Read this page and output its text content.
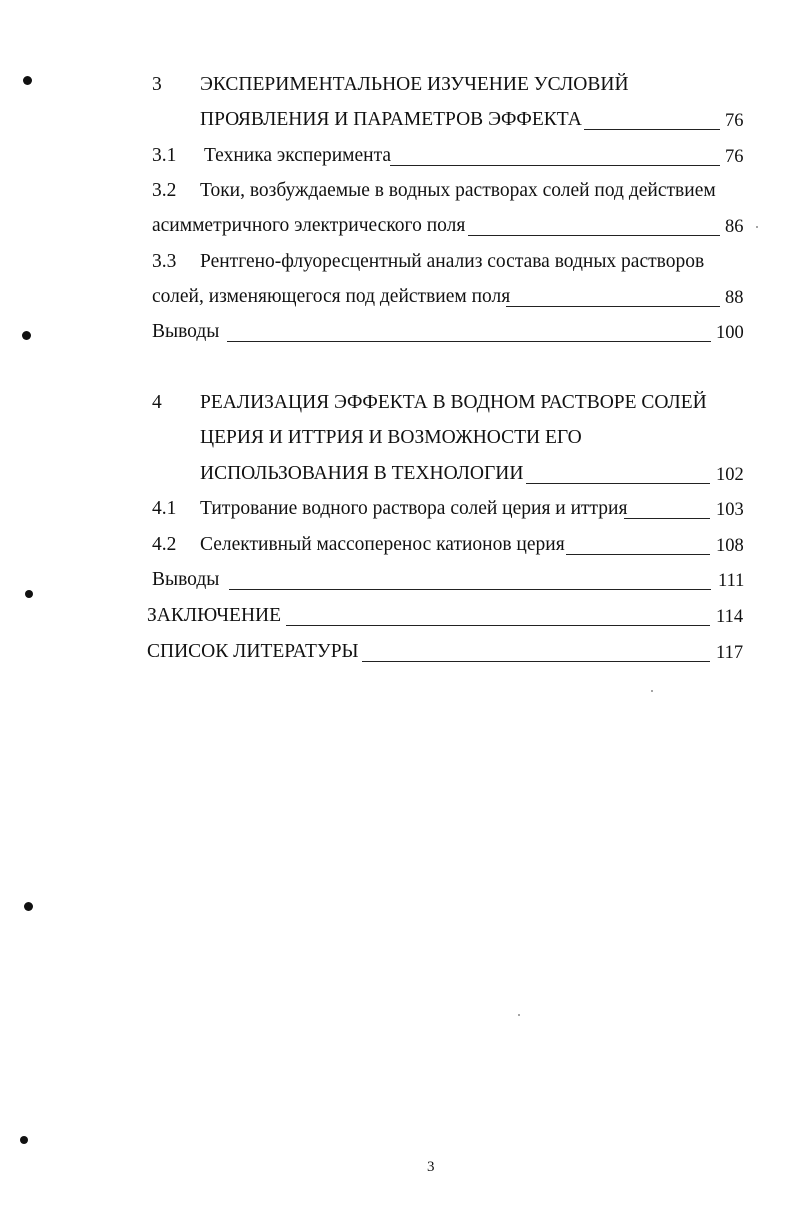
3 ЭКСПЕРИМЕНТАЛЬНОЕ ИЗУЧЕНИЕ УСЛОВИЙ
ПРОЯВЛЕНИЯ И ПАРАМЕТРОВ ЭФФЕКТА	76
3.1 Техника эксперимента	76
3.2 Токи, возбуждаемые в водных растворах солей под действием
асимметричного электрического поля	86
3.3 Рентгено-флуоресцентный анализ состава водных растворов
солей, изменяющегося под действием поля	88
Выводы	100
4 РЕАЛИЗАЦИЯ ЭФФЕКТА В ВОДНОМ РАСТВОРЕ СОЛЕЙ
ЦЕРИЯ И ИТТРИЯ И ВОЗМОЖНОСТИ ЕГО
ИСПОЛЬЗОВАНИЯ В ТЕХНОЛОГИИ	102
4.1 Титрование водного раствора солей церия и иттрия	103
4.2 Селективный массоперенос катионов церия	108
Выводы	111
ЗАКЛЮЧЕНИЕ	114
СПИСОК ЛИТЕРАТУРЫ	117
3
